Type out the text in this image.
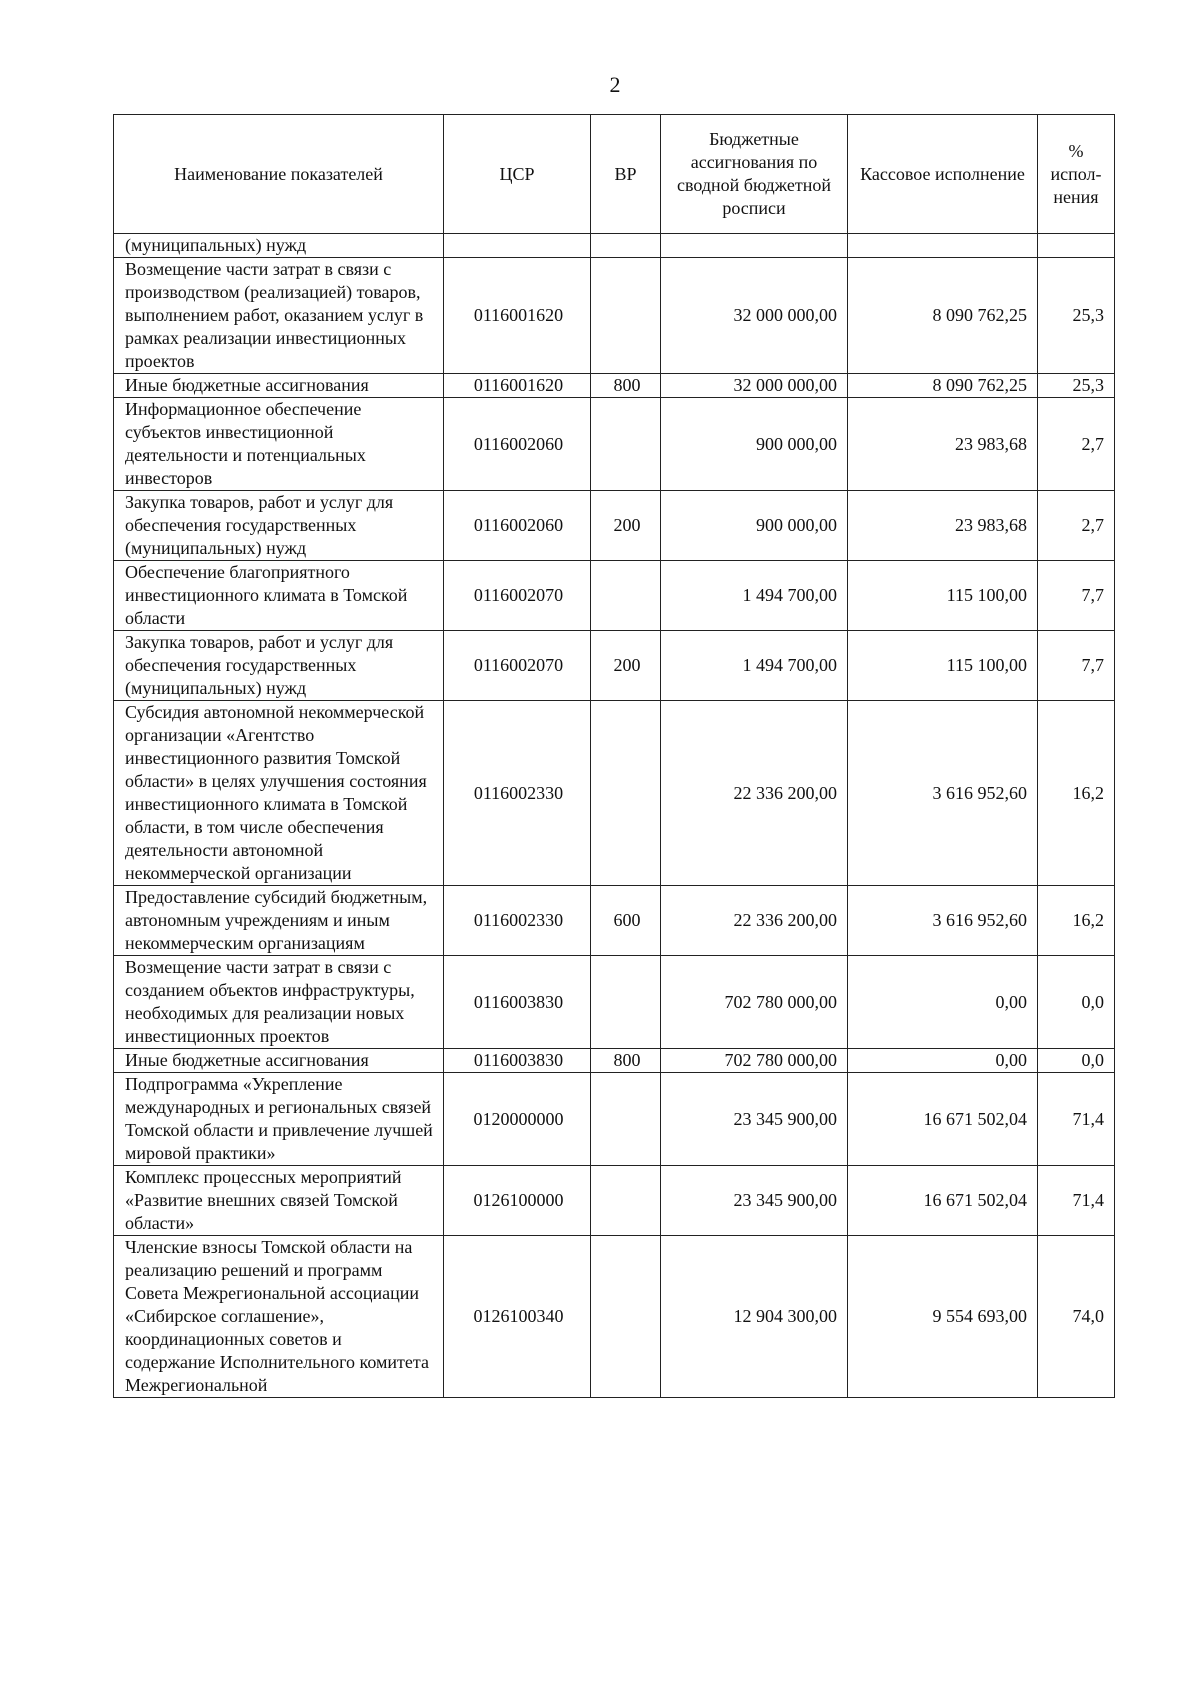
2
Наименование показателей	ЦСР	ВР	Бюджетные ассигнования по сводной бюджетной росписи	Кассовое исполнение	% испол-нения
(муниципальных) нужд					
Возмещение части затрат в связи с производством (реализацией) товаров, выполнением работ, оказанием услуг в рамках реализации инвестиционных проектов	0116001620		32 000 000,00	8 090 762,25	25,3
Иные бюджетные ассигнования	0116001620	800	32 000 000,00	8 090 762,25	25,3
Информационное обеспечение субъектов инвестиционной деятельности и потенциальных инвесторов	0116002060		900 000,00	23 983,68	2,7
Закупка товаров, работ и услуг для обеспечения государственных (муниципальных) нужд	0116002060	200	900 000,00	23 983,68	2,7
Обеспечение благоприятного инвестиционного климата в Томской области	0116002070		1 494 700,00	115 100,00	7,7
Закупка товаров, работ и услуг для обеспечения государственных (муниципальных) нужд	0116002070	200	1 494 700,00	115 100,00	7,7
Субсидия автономной некоммерческой организации «Агентство инвестиционного развития Томской области» в целях улучшения состояния инвестиционного климата в Томской области, в том числе обеспечения деятельности автономной некоммерческой организации	0116002330		22 336 200,00	3 616 952,60	16,2
Предоставление субсидий бюджетным, автономным учреждениям и иным некоммерческим организациям	0116002330	600	22 336 200,00	3 616 952,60	16,2
Возмещение части затрат в связи с созданием объектов инфраструктуры, необходимых для реализации новых инвестиционных проектов	0116003830		702 780 000,00	0,00	0,0
Иные бюджетные ассигнования	0116003830	800	702 780 000,00	0,00	0,0
Подпрограмма «Укрепление международных и региональных связей Томской области и привлечение лучшей мировой практики»	0120000000		23 345 900,00	16 671 502,04	71,4
Комплекс процессных мероприятий «Развитие внешних связей Томской области»	0126100000		23 345 900,00	16 671 502,04	71,4
Членские взносы Томской области на реализацию решений и программ Совета Межрегиональной ассоциации «Сибирское соглашение», координационных советов и содержание Исполнительного комитета Межрегиональной	0126100340		12 904 300,00	9 554 693,00	74,0
